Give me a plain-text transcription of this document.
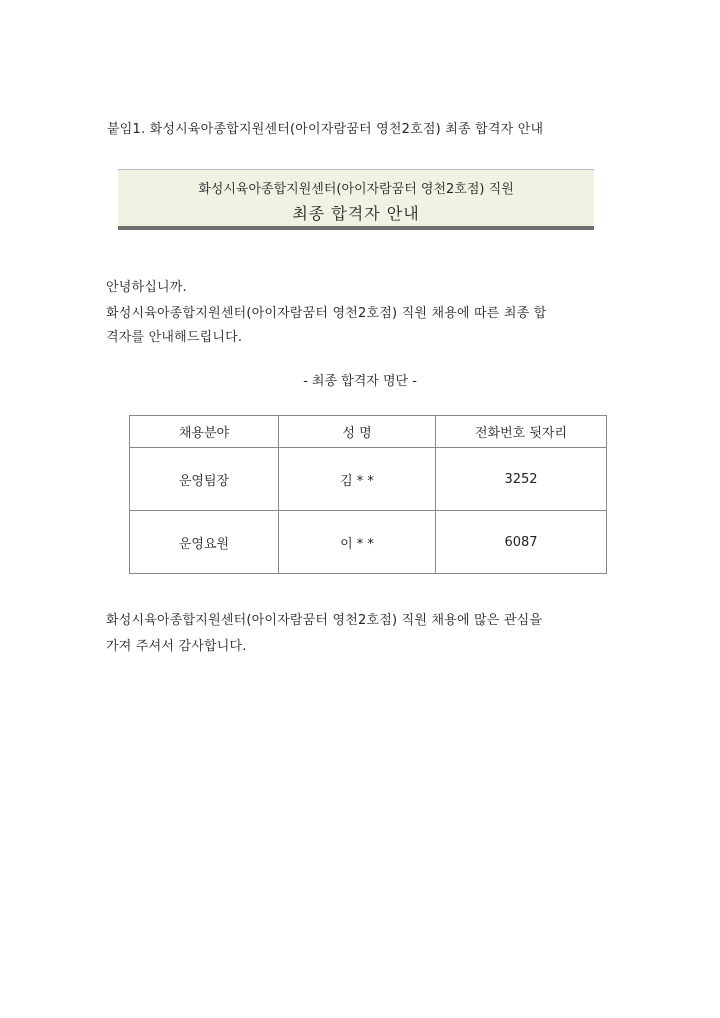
붙임1. 화성시육아종합지원센터(아이자람꿈터 영천2호점) 최종 합격자 안내
화성시육아종합지원센터(아이자람꿈터 영천2호점) 직원
최종 합격자 안내
안녕하십니까.
화성시육아종합지원센터(아이자람꿈터 영천2호점) 직원 채용에 따른 최종 합
격자를 안내해드립니다.
- 최종 합격자 명단 -
채용분야	성 명	전화번호 뒷자리
운영팀장	김 * *	3252
운영요원	이 * *	6087
화성시육아종합지원센터(아이자람꿈터 영천2호점) 직원 채용에 많은 관심을
가져 주셔서 감사합니다.
